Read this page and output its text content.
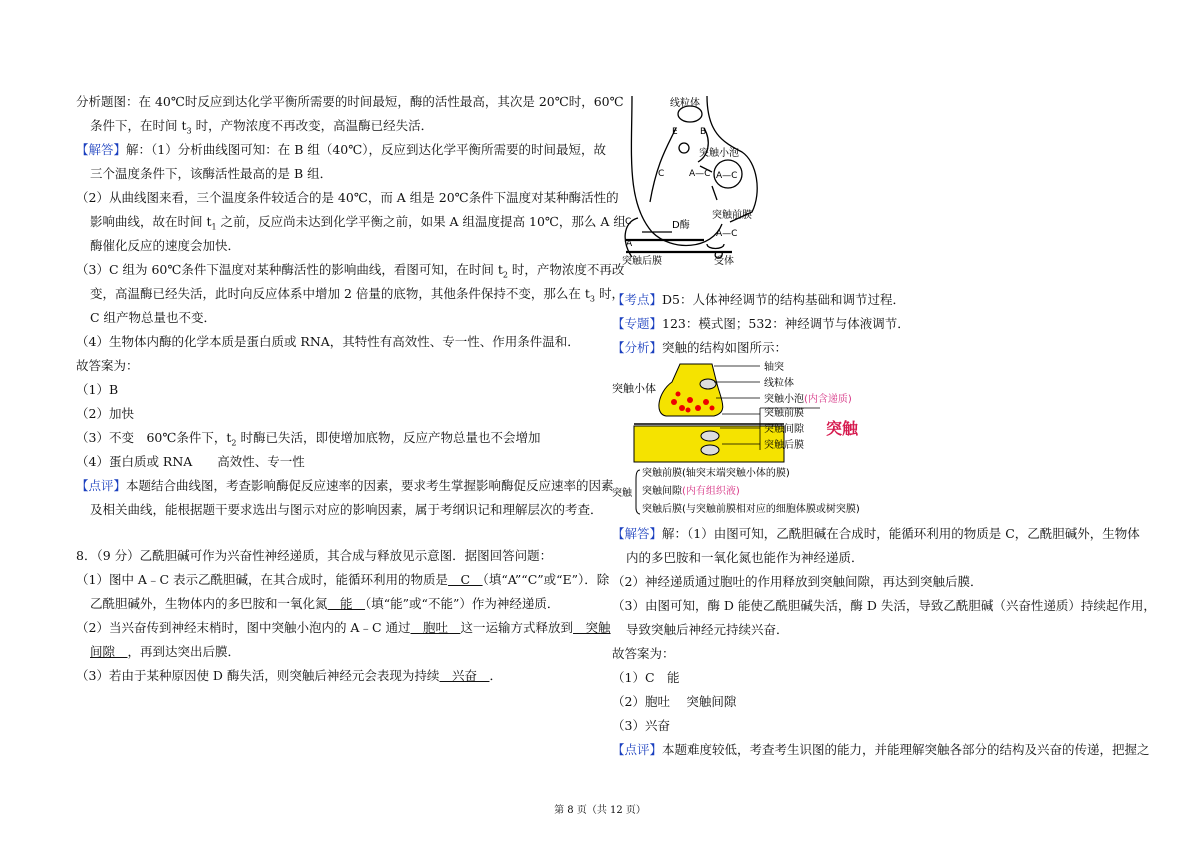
分析题图：在 40℃时反应到达化学平衡所需要的时间最短，酶的活性最高，其次是 20℃时，60℃
条件下，在时间 $t_3$ 时，产物浓度不再改变，高温酶已经失活．
【解答】解：（1）分析曲线图可知：在 B 组（40℃），反应到达化学平衡所需要的时间最短，故
三个温度条件下，该酶活性最高的是 B 组．
（2）从曲线图来看，三个温度条件较适合的是 40℃，而 A 组是 20℃条件下温度对某种酶活性的
影响曲线，故在时间 $t_1$ 之前，反应尚未达到化学平衡之前，如果 A 组温度提高 10℃，那么 A 组
酶催化反应的速度会加快．
（3）C 组为 60℃条件下温度对某种酶活性的影响曲线，看图可知，在时间 $t_2$ 时，产物浓度不再改
变，高温酶已经失活，此时向反应体系中增加 2 倍量的底物，其他条件保持不变，那么在 $t_3$ 时，
C 组产物总量也不变．
（4）生物体内酶的化学本质是蛋白质或 RNA，其特性有高效性、专一性、作用条件温和．
故答案为：
（1）B
（2）加快
（3）不变　60℃条件下，$t_2$ 时酶已失活，即使增加底物，反应产物总量也不会增加
（4）蛋白质或 RNA　　高效性、专一性
【点评】本题结合曲线图，考查影响酶促反应速率的因素，要求考生掌握影响酶促反应速率的因素
及相关曲线，能根据题干要求选出与图示对应的影响因素，属于考纲识记和理解层次的考查．
8．（9 分）乙酰胆碱可作为兴奋性神经递质，其合成与释放见示意图．据图回答问题：
（1）图中 A﹣C 表示乙酰胆碱，在其合成时，能循环利用的物质是　C　（填“A”“C”或“E”）．除
乙酰胆碱外，生物体内的多巴胺和一氧化氮　能　（填“能”或“不能”）作为神经递质．
（2）当兴奋传到神经末梢时，图中突触小泡内的 A﹣C 通过　胞吐　这一运输方式释放到　突触
间隙　，再到达突出后膜．
（3）若由于某种原因使 D 酶失活，则突触后神经元会表现为持续　兴奋　．
线粒体
E B
突触小泡
C	A—C A—C
C	D酶
突触前膜
A—C
A
突触后膜	受体
【考点】D5：人体神经调节的结构基础和调节过程．
【专题】123：模式图；532：神经调节与体液调节．
【分析】突触的结构如图所示：
突触小体
轴突
线粒体
突触小泡(内含递质)
突触前膜
突触间隙
突触后膜
突触
突触
突触前膜(轴突末端突触小体的膜)
突触间隙(内有组织液)
突触后膜(与突触前膜相对应的细胞体膜或树突膜)
【解答】解：（1）由图可知，乙酰胆碱在合成时，能循环利用的物质是 C，乙酰胆碱外，生物体
内的多巴胺和一氧化氮也能作为神经递质．
（2）神经递质通过胞吐的作用释放到突触间隙，再达到突触后膜．
（3）由图可知，酶 D 能使乙酰胆碱失活，酶 D 失活，导致乙酰胆碱（兴奋性递质）持续起作用，
导致突触后神经元持续兴奋．
故答案为：
（1）C　能
（2）胞吐　 突触间隙
（3）兴奋
【点评】本题难度较低，考查考生识图的能力，并能理解突触各部分的结构及兴奋的传递，把握之
第 8 页（共 12 页）
